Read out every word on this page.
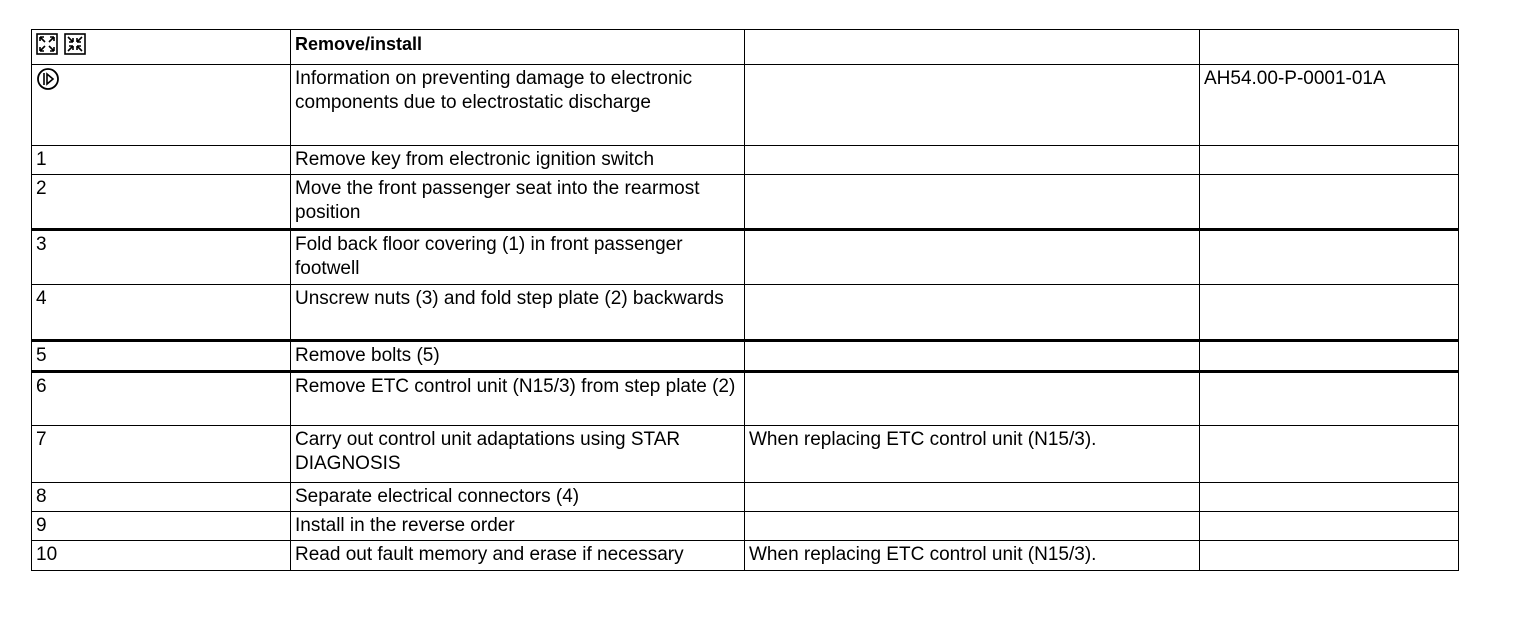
	Remove/install		
	Information on preventing damage to electronic components due to electrostatic discharge		AH54.00-P-0001-01A
1	Remove key from electronic ignition switch		
2	Move the front passenger seat into the rearmost position		
3	Fold back floor covering (1) in front passenger footwell		
4	Unscrew nuts (3) and fold step plate (2) backwards		
5	Remove bolts (5)		
6	Remove ETC control unit (N15/3) from step plate (2)		
7	Carry out control unit adaptations using STAR DIAGNOSIS	When replacing ETC control unit (N15/3).	
8	Separate electrical connectors (4)		
9	Install in the reverse order		
10	Read out fault memory and erase if necessary	When replacing ETC control unit (N15/3).	
